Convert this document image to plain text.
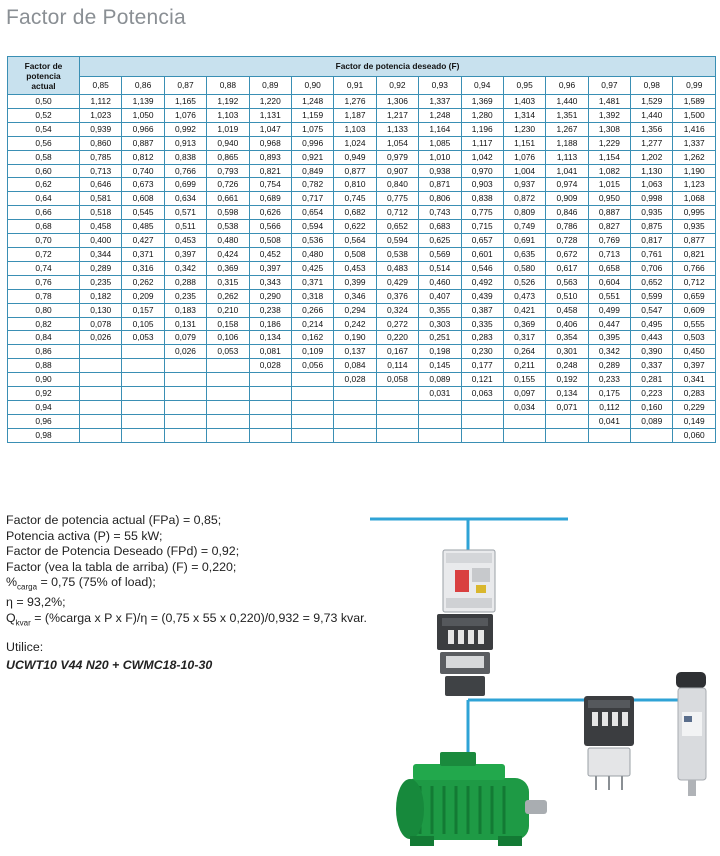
Factor de Potencia
Factor de
potencia
actual	Factor de potencia deseado (F)														
	0,85	0,86	0,87	0,88	0,89	0,90	0,91	0,92	0,93	0,94	0,95	0,96	0,97	0,98	0,99
0,50	1,112	1,139	1,165	1,192	1,220	1,248	1,276	1,306	1,337	1,369	1,403	1,440	1,481	1,529	1,589
0,52	1,023	1,050	1,076	1,103	1,131	1,159	1,187	1,217	1,248	1,280	1,314	1,351	1,392	1,440	1,500
0,54	0,939	0,966	0,992	1,019	1,047	1,075	1,103	1,133	1,164	1,196	1,230	1,267	1,308	1,356	1,416
0,56	0,860	0,887	0,913	0,940	0,968	0,996	1,024	1,054	1,085	1,117	1,151	1,188	1,229	1,277	1,337
0,58	0,785	0,812	0,838	0,865	0,893	0,921	0,949	0,979	1,010	1,042	1,076	1,113	1,154	1,202	1,262
0,60	0,713	0,740	0,766	0,793	0,821	0,849	0,877	0,907	0,938	0,970	1,004	1,041	1,082	1,130	1,190
0,62	0,646	0,673	0,699	0,726	0,754	0,782	0,810	0,840	0,871	0,903	0,937	0,974	1,015	1,063	1,123
0,64	0,581	0,608	0,634	0,661	0,689	0,717	0,745	0,775	0,806	0,838	0,872	0,909	0,950	0,998	1,068
0,66	0,518	0,545	0,571	0,598	0,626	0,654	0,682	0,712	0,743	0,775	0,809	0,846	0,887	0,935	0,995
0,68	0,458	0,485	0,511	0,538	0,566	0,594	0,622	0,652	0,683	0,715	0,749	0,786	0,827	0,875	0,935
0,70	0,400	0,427	0,453	0,480	0,508	0,536	0,564	0,594	0,625	0,657	0,691	0,728	0,769	0,817	0,877
0,72	0,344	0,371	0,397	0,424	0,452	0,480	0,508	0,538	0,569	0,601	0,635	0,672	0,713	0,761	0,821
0,74	0,289	0,316	0,342	0,369	0,397	0,425	0,453	0,483	0,514	0,546	0,580	0,617	0,658	0,706	0,766
0,76	0,235	0,262	0,288	0,315	0,343	0,371	0,399	0,429	0,460	0,492	0,526	0,563	0,604	0,652	0,712
0,78	0,182	0,209	0,235	0,262	0,290	0,318	0,346	0,376	0,407	0,439	0,473	0,510	0,551	0,599	0,659
0,80	0,130	0,157	0,183	0,210	0,238	0,266	0,294	0,324	0,355	0,387	0,421	0,458	0,499	0,547	0,609
0,82	0,078	0,105	0,131	0,158	0,186	0,214	0,242	0,272	0,303	0,335	0,369	0,406	0,447	0,495	0,555
0,84	0,026	0,053	0,079	0,106	0,134	0,162	0,190	0,220	0,251	0,283	0,317	0,354	0,395	0,443	0,503
0,86			0,026	0,053	0,081	0,109	0,137	0,167	0,198	0,230	0,264	0,301	0,342	0,390	0,450
0,88					0,028	0,056	0,084	0,114	0,145	0,177	0,211	0,248	0,289	0,337	0,397
0,90							0,028	0,058	0,089	0,121	0,155	0,192	0,233	0,281	0,341
0,92									0,031	0,063	0,097	0,134	0,175	0,223	0,283
0,94											0,034	0,071	0,112	0,160	0,229
0,96													0,041	0,089	0,149
0,98															0,060
Factor de potencia actual (FPa) = 0,85;
Potencia activa (P) = 55 kW;
Factor de Potencia Deseado (FPd) = 0,92;
Factor (vea la tabla de arriba) (F) = 0,220;
$\%_{carga} = 0,75$ (75% of load);
η = 93,2%;
$Q_{kvar}$ = (%carga x P x F)/η = (0,75 x 55 x 0,220)/0,932 = 9,73 kvar.
Utilice:
UCWT10 V44 N20 + CWMC18-10-30
